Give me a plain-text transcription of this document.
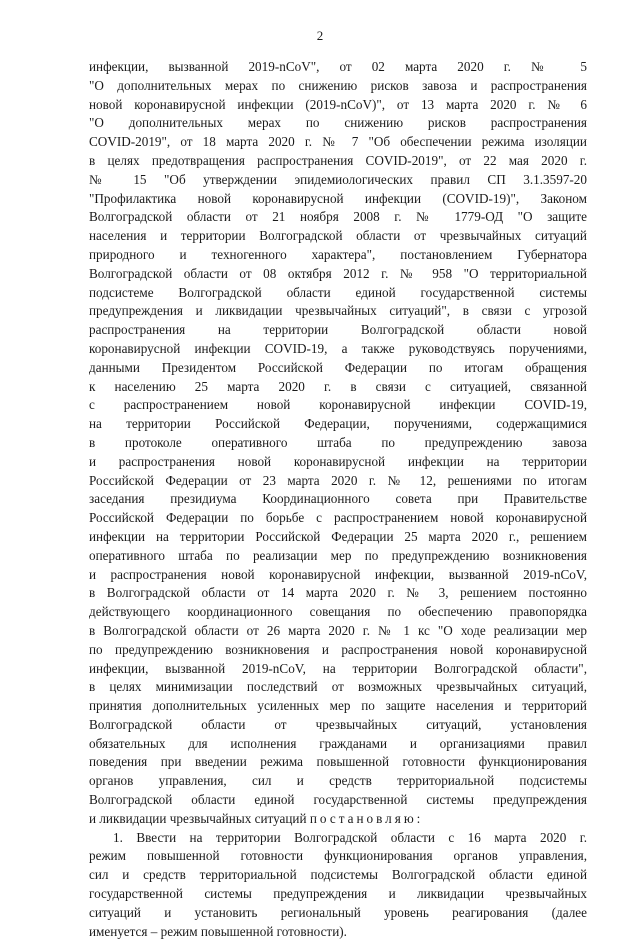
2
инфекции, вызванной 2019-nCoV", от 02 марта 2020 г. № 5
"О дополнительных мерах по снижению рисков завоза и распространения
новой коронавирусной инфекции (2019-nCoV)", от 13 марта 2020 г. № 6
"О дополнительных мерах по снижению рисков распространения
COVID-2019", от 18 марта 2020 г. № 7 "Об обеспечении режима изоляции
в целях предотвращения распространения COVID-2019", от 22 мая 2020 г.
№ 15 "Об утверждении эпидемиологических правил СП 3.1.3597-20
"Профилактика новой коронавирусной инфекции (COVID-19)", Законом
Волгоградской области от 21 ноября 2008 г. № 1779-ОД "О защите
населения и территории Волгоградской области от чрезвычайных ситуаций
природного и техногенного характера", постановлением Губернатора
Волгоградской области от 08 октября 2012 г. № 958 "О территориальной
подсистеме Волгоградской области единой государственной системы
предупреждения и ликвидации чрезвычайных ситуаций", в связи с угрозой
распространения на территории Волгоградской области новой
коронавирусной инфекции COVID-19, а также руководствуясь поручениями,
данными Президентом Российской Федерации по итогам обращения
к населению 25 марта 2020 г. в связи с ситуацией, связанной
с распространением новой коронавирусной инфекции COVID-19,
на территории Российской Федерации, поручениями, содержащимися
в протоколе оперативного штаба по предупреждению завоза
и распространения новой коронавирусной инфекции на территории
Российской Федерации от 23 марта 2020 г. № 12, решениями по итогам
заседания президиума Координационного совета при Правительстве
Российской Федерации по борьбе с распространением новой коронавирусной
инфекции на территории Российской Федерации 25 марта 2020 г., решением
оперативного штаба по реализации мер по предупреждению возникновения
и распространения новой коронавирусной инфекции, вызванной 2019-nCoV,
в Волгоградской области от 14 марта 2020 г. № 3, решением постоянно
действующего координационного совещания по обеспечению правопорядка
в Волгоградской области от 26 марта 2020 г. № 1 кс "О ходе реализации мер
по предупреждению возникновения и распространения новой коронавирусной
инфекции, вызванной 2019-nCoV, на территории Волгоградской области",
в целях минимизации последствий от возможных чрезвычайных ситуаций,
принятия дополнительных усиленных мер по защите населения и территорий
Волгоградской области от чрезвычайных ситуаций, установления
обязательных для исполнения гражданами и организациями правил
поведения при введении режима повышенной готовности функционирования
органов управления, сил и средств территориальной подсистемы
Волгоградской области единой государственной системы предупреждения
и ликвидации чрезвычайных ситуаций постановляю:
1. Ввести на территории Волгоградской области с 16 марта 2020 г.
режим повышенной готовности функционирования органов управления,
сил и средств территориальной подсистемы Волгоградской области единой
государственной системы предупреждения и ликвидации чрезвычайных
ситуаций и установить региональный уровень реагирования (далее
именуется – режим повышенной готовности).
